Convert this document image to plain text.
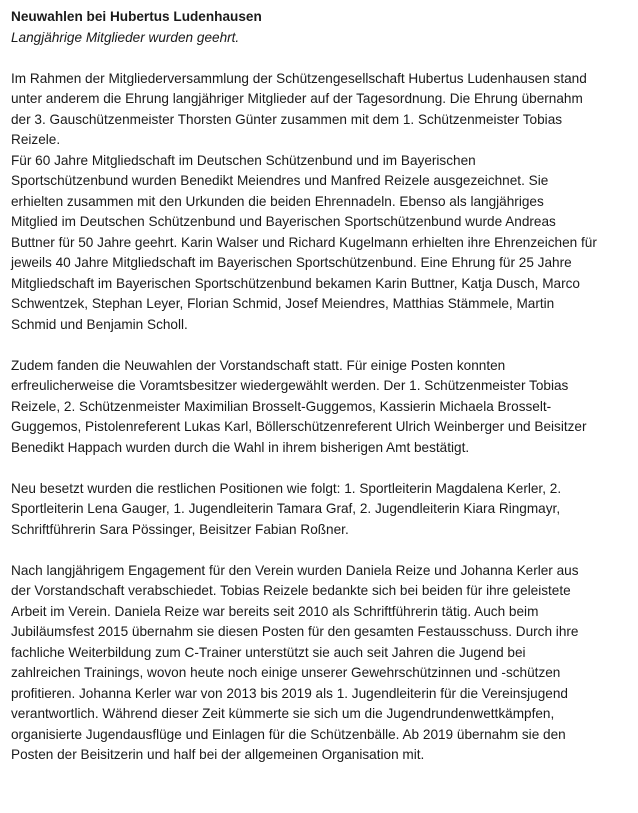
Neuwahlen bei Hubertus Ludenhausen

Langjährige Mitglieder wurden geehrt.

Im Rahmen der Mitgliederversammlung der Schützengesellschaft Hubertus Ludenhausen stand
unter anderem die Ehrung langjähriger Mitglieder auf der Tagesordnung. Die Ehrung übernahm
der 3. Gauschützenmeister Thorsten Günter zusammen mit dem 1. Schützenmeister Tobias
Reizele.
Für 60 Jahre Mitgliedschaft im Deutschen Schützenbund und im Bayerischen
Sportschützenbund wurden Benedikt Meiendres und Manfred Reizele ausgezeichnet. Sie
erhielten zusammen mit den Urkunden die beiden Ehrennadeln. Ebenso als langjähriges
Mitglied im Deutschen Schützenbund und Bayerischen Sportschützenbund wurde Andreas
Buttner für 50 Jahre geehrt. Karin Walser und Richard Kugelmann erhielten ihre Ehrenzeichen für
jeweils 40 Jahre Mitgliedschaft im Bayerischen Sportschützenbund. Eine Ehrung für 25 Jahre
Mitgliedschaft im Bayerischen Sportschützenbund bekamen Karin Buttner, Katja Dusch, Marco
Schwentzek, Stephan Leyer, Florian Schmid, Josef Meiendres, Matthias Stämmele, Martin
Schmid und Benjamin Scholl.
Zudem fanden die Neuwahlen der Vorstandschaft statt. Für einige Posten konnten
erfreulicherweise die Voramtsbesitzer wiedergewählt werden. Der 1. Schützenmeister Tobias
Reizele, 2. Schützenmeister Maximilian Brosselt-Guggemos, Kassierin Michaela Brosselt-
Guggemos, Pistolenreferent Lukas Karl, Böllerschützenreferent Ulrich Weinberger und Beisitzer
Benedikt Happach wurden durch die Wahl in ihrem bisherigen Amt bestätigt.
Neu besetzt wurden die restlichen Positionen wie folgt: 1. Sportleiterin Magdalena Kerler, 2.
Sportleiterin Lena Gauger, 1. Jugendleiterin Tamara Graf, 2. Jugendleiterin Kiara Ringmayr,
Schriftführerin Sara Pössinger, Beisitzer Fabian Roßner.
Nach langjährigem Engagement für den Verein wurden Daniela Reize und Johanna Kerler aus
der Vorstandschaft verabschiedet. Tobias Reizele bedankte sich bei beiden für ihre geleistete
Arbeit im Verein. Daniela Reize war bereits seit 2010 als Schriftführerin tätig. Auch beim
Jubiläumsfest 2015 übernahm sie diesen Posten für den gesamten Festausschuss. Durch ihre
fachliche Weiterbildung zum C-Trainer unterstützt sie auch seit Jahren die Jugend bei
zahlreichen Trainings, wovon heute noch einige unserer Gewehrschützinnen und -schützen
profitieren. Johanna Kerler war von 2013 bis 2019 als 1. Jugendleiterin für die Vereinsjugend
verantwortlich. Während dieser Zeit kümmerte sie sich um die Jugendrundenwettkämpfen,
organisierte Jugendausflüge und Einlagen für die Schützenbälle. Ab 2019 übernahm sie den
Posten der Beisitzerin und half bei der allgemeinen Organisation mit.
